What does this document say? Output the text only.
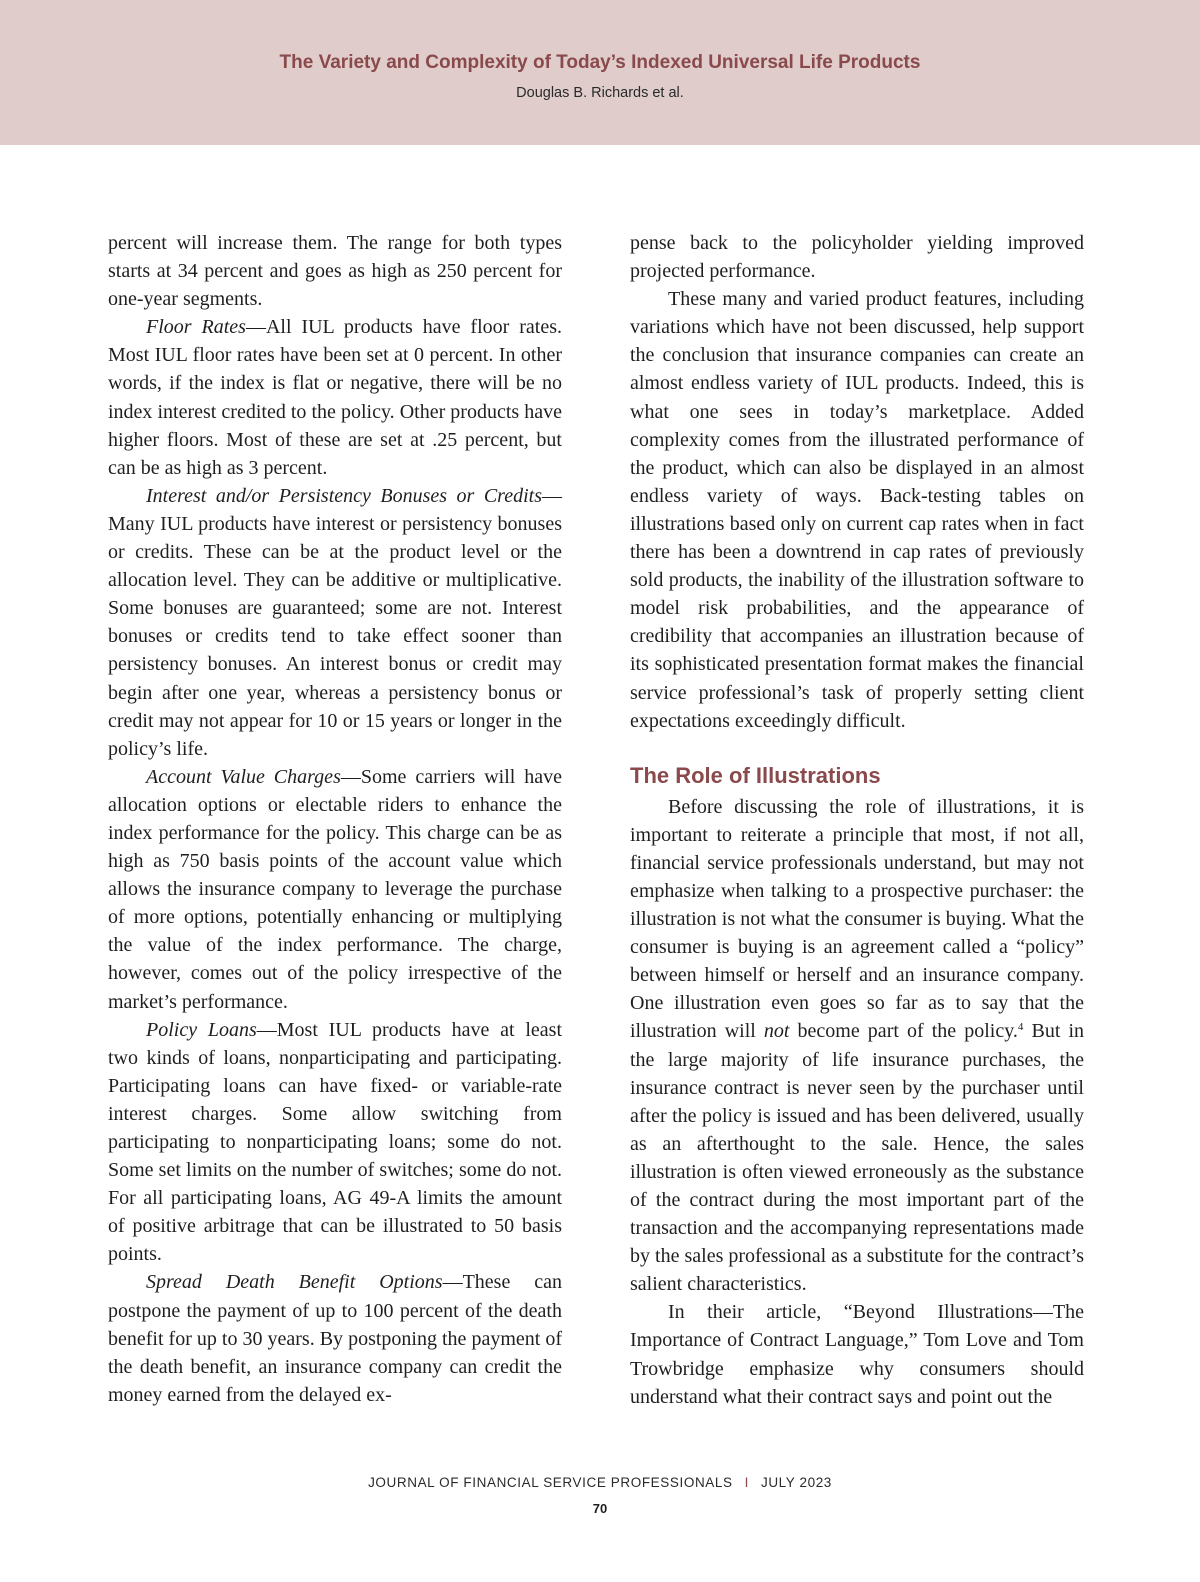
The Variety and Complexity of Today’s Indexed Universal Life Products
Douglas B. Richards et al.

percent will increase them. The range for both types starts at 34 percent and goes as high as 250 percent for one-year segments.

Floor Rates—All IUL products have floor rates. Most IUL floor rates have been set at 0 percent. In other words, if the index is flat or negative, there will be no index interest credited to the policy. Other products have higher floors. Most of these are set at .25 percent, but can be as high as 3 percent.

Interest and/or Persistency Bonuses or Credits—Many IUL products have interest or persistency bonuses or credits. These can be at the product level or the allocation level. They can be additive or multiplicative. Some bonuses are guaranteed; some are not. Interest bonuses or credits tend to take effect sooner than persistency bonuses. An interest bonus or credit may begin after one year, whereas a persistency bonus or credit may not appear for 10 or 15 years or longer in the policy’s life.

Account Value Charges—Some carriers will have allocation options or electable riders to enhance the index performance for the policy. This charge can be as high as 750 basis points of the account value which allows the insurance company to leverage the purchase of more options, potentially enhancing or multiplying the value of the index performance. The charge, however, comes out of the policy irrespective of the market’s performance.

Policy Loans—Most IUL products have at least two kinds of loans, nonparticipating and participating. Participating loans can have fixed- or variable-rate interest charges. Some allow switching from participating to nonparticipating loans; some do not. Some set limits on the number of switches; some do not. For all participating loans, AG 49-A limits the amount of positive arbitrage that can be illustrated to 50 basis points.

Spread Death Benefit Options—These can postpone the payment of up to 100 percent of the death benefit for up to 30 years. By postponing the payment of the death benefit, an insurance company can credit the money earned from the delayed ex-

pense back to the policyholder yielding improved projected performance.

These many and varied product features, including variations which have not been discussed, help support the conclusion that insurance companies can create an almost endless variety of IUL products. Indeed, this is what one sees in today’s marketplace. Added complexity comes from the illustrated performance of the product, which can also be displayed in an almost endless variety of ways. Back-testing tables on illustrations based only on current cap rates when in fact there has been a downtrend in cap rates of previously sold products, the inability of the illustration software to model risk probabilities, and the appearance of credibility that accompanies an illustration because of its sophisticated presentation format makes the financial service professional’s task of properly setting client expectations exceedingly difficult.

The Role of Illustrations

Before discussing the role of illustrations, it is important to reiterate a principle that most, if not all, financial service professionals understand, but may not emphasize when talking to a prospective purchaser: the illustration is not what the consumer is buying. What the consumer is buying is an agreement called a “policy” between himself or herself and an insurance company. One illustration even goes so far as to say that the illustration will not become part of the policy.$^4$ But in the large majority of life insurance purchases, the insurance contract is never seen by the purchaser until after the policy is issued and has been delivered, usually as an afterthought to the sale. Hence, the sales illustration is often viewed erroneously as the substance of the contract during the most important part of the transaction and the accompanying representations made by the sales professional as a substitute for the contract’s salient characteristics.

In their article, “Beyond Illustrations—The Importance of Contract Language,” Tom Love and Tom Trowbridge emphasize why consumers should understand what their contract says and point out the

JOURNAL OF FINANCIAL SERVICE PROFESSIONALS I JULY 2023
70
